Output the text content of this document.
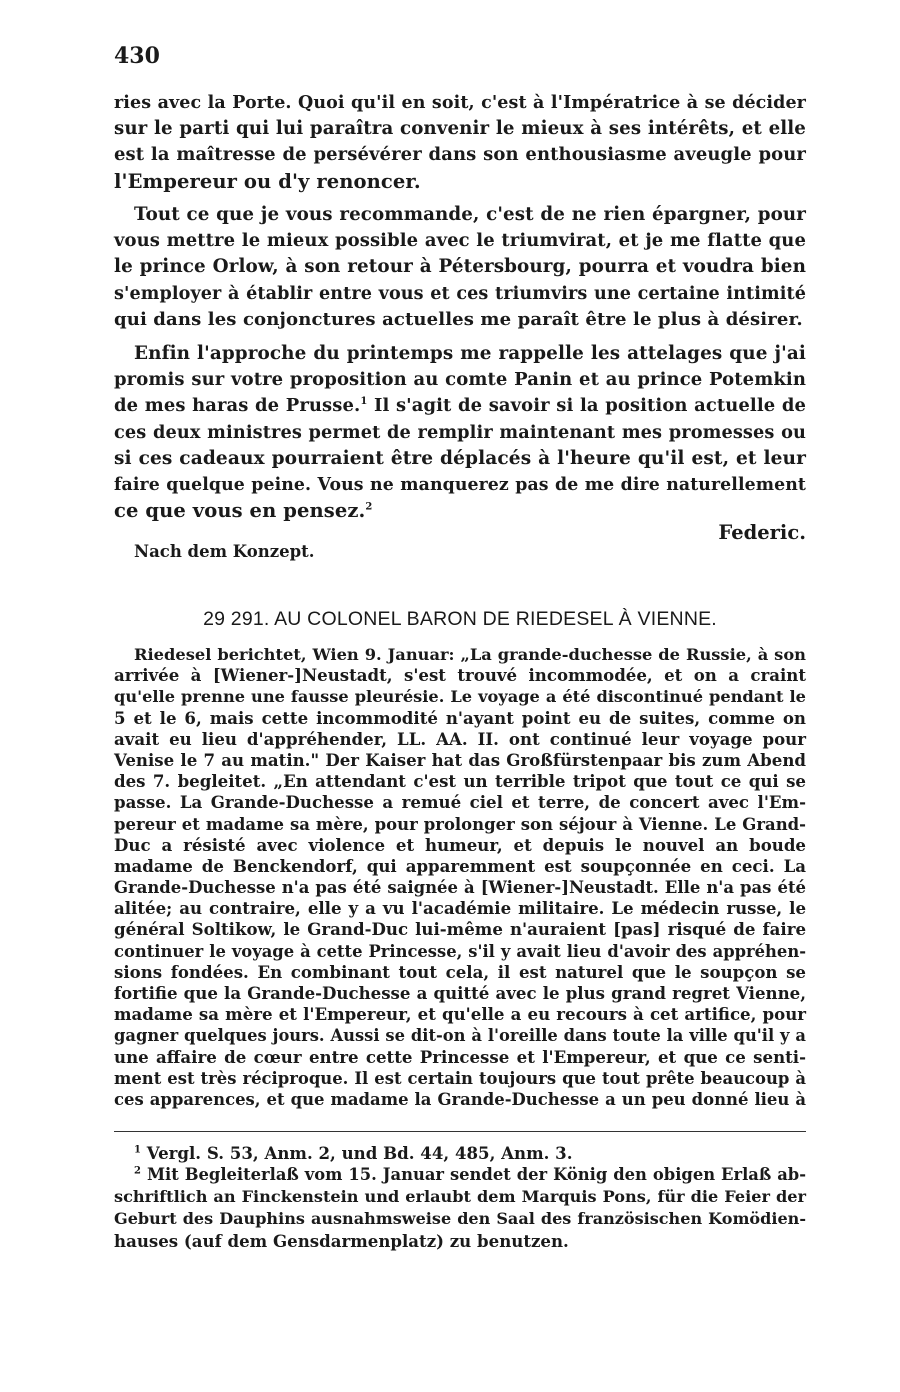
430
ries avec la Porte. Quoi qu'il en soit, c'est à l'Impératrice à se décider
sur le parti qui lui paraîtra convenir le mieux à ses intérêts, et elle
est la maîtresse de persévérer dans son enthousiasme aveugle pour
l'Empereur ou d'y renoncer.
Tout ce que je vous recommande, c'est de ne rien épargner, pour
vous mettre le mieux possible avec le triumvirat, et je me flatte que
le prince Orlow, à son retour à Pétersbourg, pourra et voudra bien
s'employer à établir entre vous et ces triumvirs une certaine intimité
qui dans les conjonctures actuelles me paraît être le plus à désirer.
Enfin l'approche du printemps me rappelle les attelages que j'ai
promis sur votre proposition au comte Panin et au prince Potemkin
de mes haras de Prusse.$^1$ Il s'agit de savoir si la position actuelle de
ces deux ministres permet de remplir maintenant mes promesses ou
si ces cadeaux pourraient être déplacés à l'heure qu'il est, et leur
faire quelque peine. Vous ne manquerez pas de me dire naturellement
ce que vous en pensez.$^2$
Federic.
Nach dem Konzept.
29 291. AU COLONEL BARON DE RIEDESEL À VIENNE.
Riedesel berichtet, Wien 9. Januar: „La grande-duchesse de Russie, à son
arrivée à [Wiener-]Neustadt, s'est trouvé incommodée, et on a craint
qu'elle prenne une fausse pleurésie. Le voyage a été discontinué pendant le
5 et le 6, mais cette incommodité n'ayant point eu de suites, comme on
avait eu lieu d'appréhender, LL. AA. II. ont continué leur voyage pour
Venise le 7 au matin." Der Kaiser hat das Großfürstenpaar bis zum Abend
des 7. begleitet. „En attendant c'est un terrible tripot que tout ce qui se
passe. La Grande-Duchesse a remué ciel et terre, de concert avec l'Em-
pereur et madame sa mère, pour prolonger son séjour à Vienne. Le Grand-
Duc a résisté avec violence et humeur, et depuis le nouvel an boude
madame de Benckendorf, qui apparemment est soupçonnée en ceci. La
Grande-Duchesse n'a pas été saignée à [Wiener-]Neustadt. Elle n'a pas été
alitée; au contraire, elle y a vu l'académie militaire. Le médecin russe, le
général Soltikow, le Grand-Duc lui-même n'auraient [pas] risqué de faire
continuer le voyage à cette Princesse, s'il y avait lieu d'avoir des appréhen-
sions fondées. En combinant tout cela, il est naturel que le soupçon se
fortifie que la Grande-Duchesse a quitté avec le plus grand regret Vienne,
madame sa mère et l'Empereur, et qu'elle a eu recours à cet artifice, pour
gagner quelques jours. Aussi se dit-on à l'oreille dans toute la ville qu'il y a
une affaire de cœur entre cette Princesse et l'Empereur, et que ce senti-
ment est très réciproque. Il est certain toujours que tout prête beaucoup à
ces apparences, et que madame la Grande-Duchesse a un peu donné lieu à
$^1$ Vergl. S. 53, Anm. 2, und Bd. 44, 485, Anm. 3.
$^2$ Mit Begleiterlaß vom 15. Januar sendet der König den obigen Erlaß ab-
schriftlich an Finckenstein und erlaubt dem Marquis Pons, für die Feier der
Geburt des Dauphins ausnahmsweise den Saal des französischen Komödien-
hauses (auf dem Gensdarmenplatz) zu benutzen.
